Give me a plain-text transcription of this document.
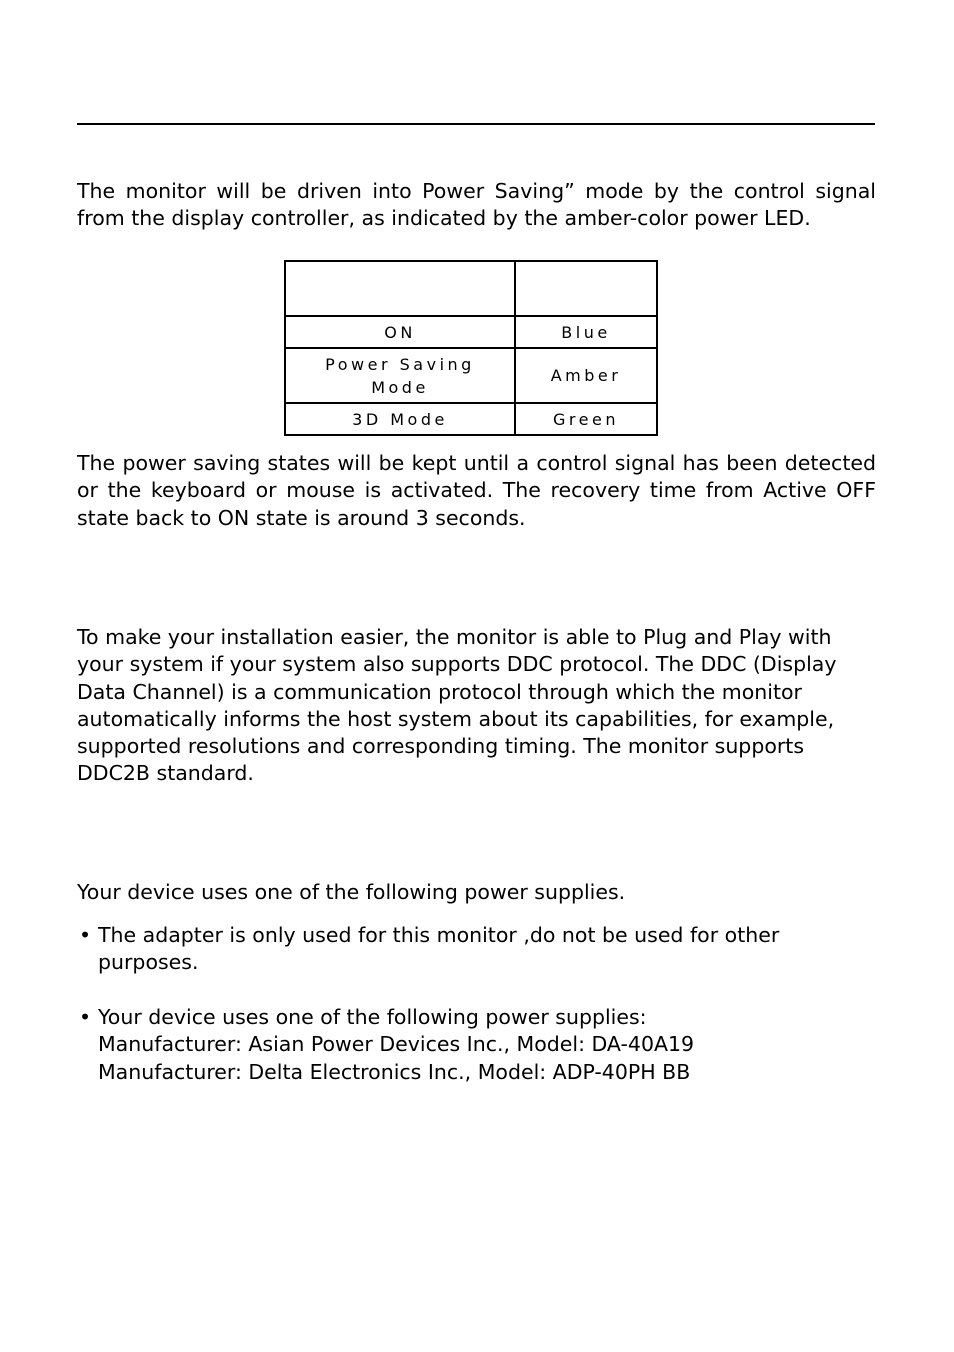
The monitor will be driven into Power Saving” mode by the control signal from the display controller, as indicated by the amber-color power LED.

ON	Blue
Power Saving Mode	Amber
3D Mode	Green

The power saving states will be kept until a control signal has been detected or the keyboard or mouse is activated. The recovery time from Active OFF state back to ON state is around 3 seconds.

To make your installation easier, the monitor is able to Plug and Play with your system if your system also supports DDC protocol. The DDC (Display Data Channel) is a communication protocol through which the monitor automatically informs the host system about its capabilities, for example, supported resolutions and corresponding timing. The monitor supports DDC2B standard.

Your device uses one of the following power supplies.

• The adapter is only used for this monitor ,do not be used for other
purposes.
• Your device uses one of the following power supplies:
Manufacturer: Asian Power Devices Inc., Model: DA-40A19
Manufacturer: Delta Electronics Inc., Model: ADP-40PH BB
